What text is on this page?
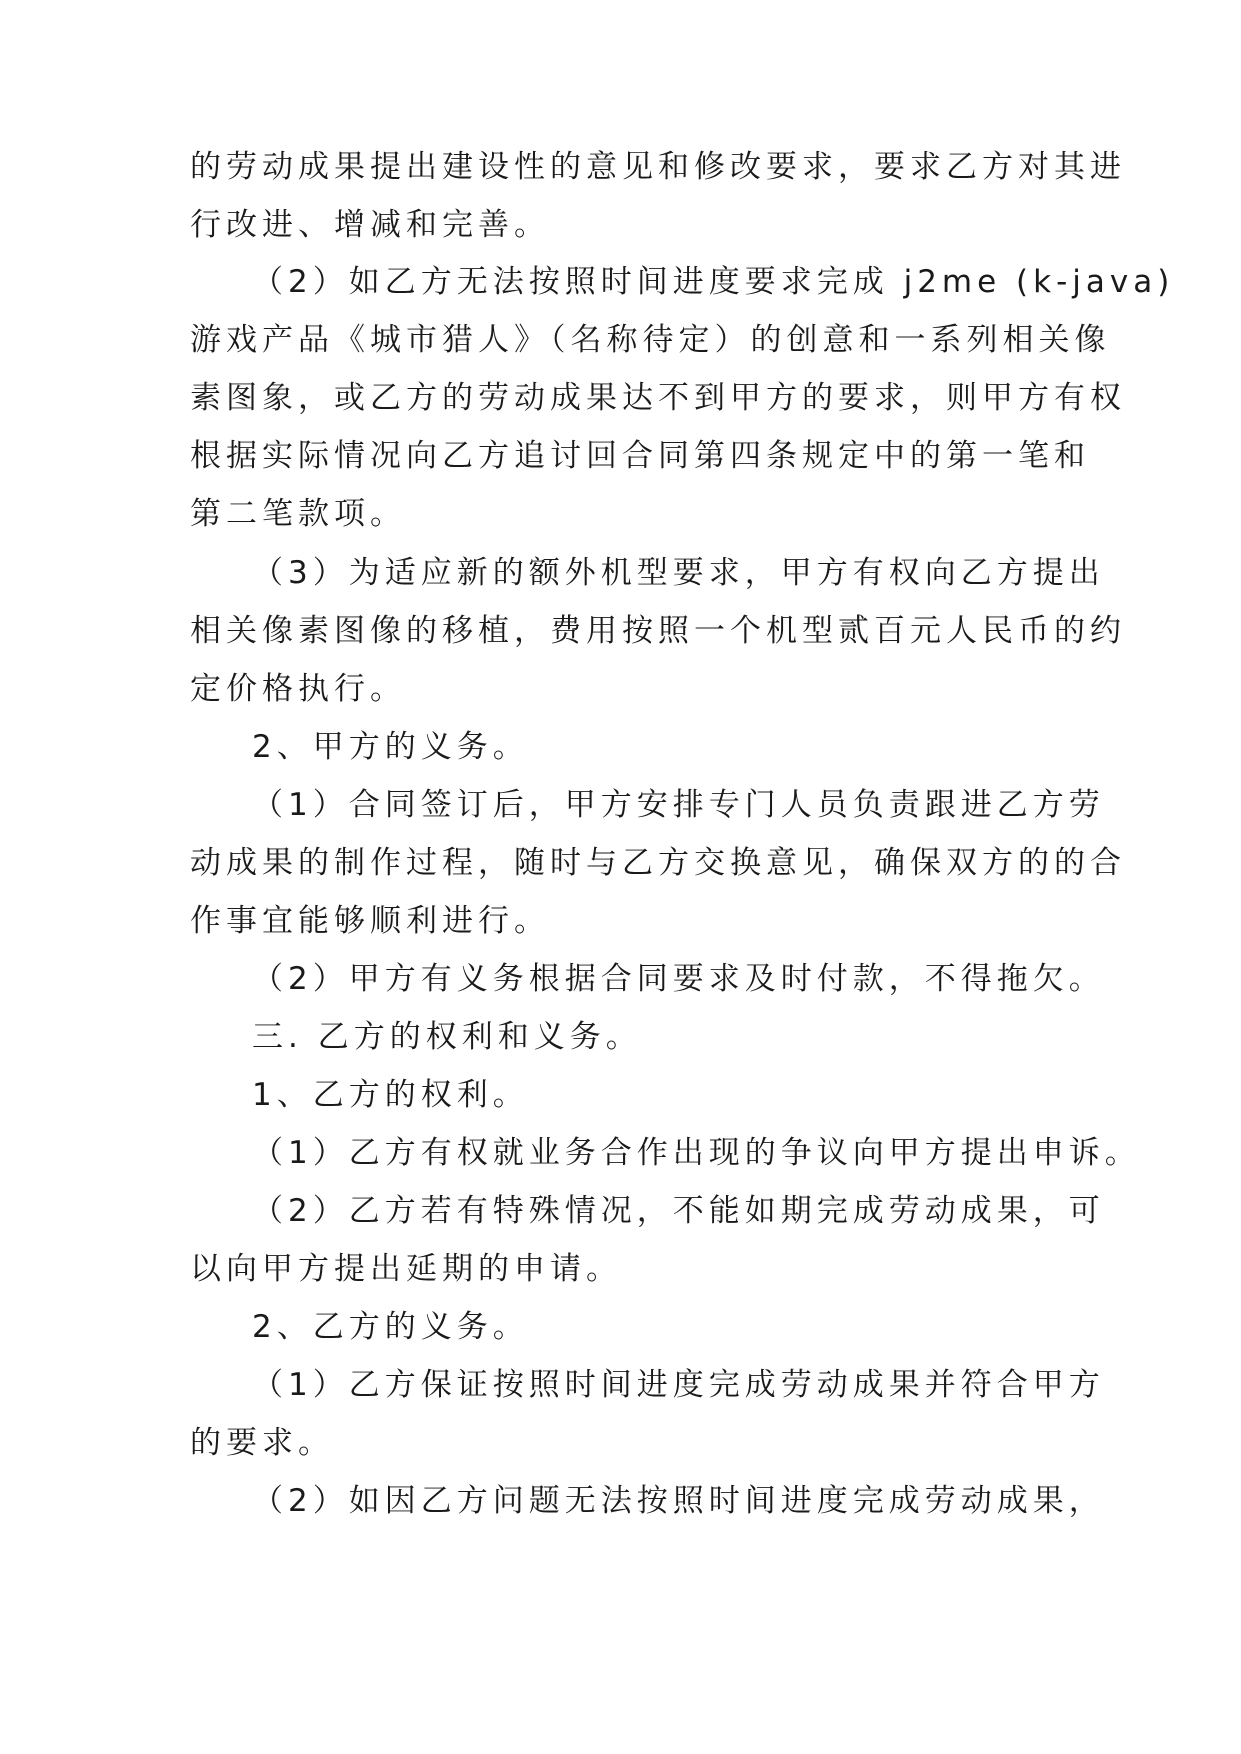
的劳动成果提出建设性的意见和修改要求，要求乙方对其进

行改进、增减和完善。

（2）如乙方无法按照时间进度要求完成 j2me (k-java)

游戏产品《城市猎人》（名称待定）的创意和一系列相关像

素图象，或乙方的劳动成果达不到甲方的要求，则甲方有权

根据实际情况向乙方追讨回合同第四条规定中的第一笔和

第二笔款项。

（3）为适应新的额外机型要求，甲方有权向乙方提出

相关像素图像的移植，费用按照一个机型贰百元人民币的约

定价格执行。

2、甲方的义务。

（1）合同签订后，甲方安排专门人员负责跟进乙方劳

动成果的制作过程，随时与乙方交换意见，确保双方的的合

作事宜能够顺利进行。

（2）甲方有义务根据合同要求及时付款，不得拖欠。

三. 乙方的权利和义务。

1、乙方的权利。

（1）乙方有权就业务合作出现的争议向甲方提出申诉。

（2）乙方若有特殊情况，不能如期完成劳动成果，可

以向甲方提出延期的申请。

2、乙方的义务。

（1）乙方保证按照时间进度完成劳动成果并符合甲方

的要求。

（2）如因乙方问题无法按照时间进度完成劳动成果，
